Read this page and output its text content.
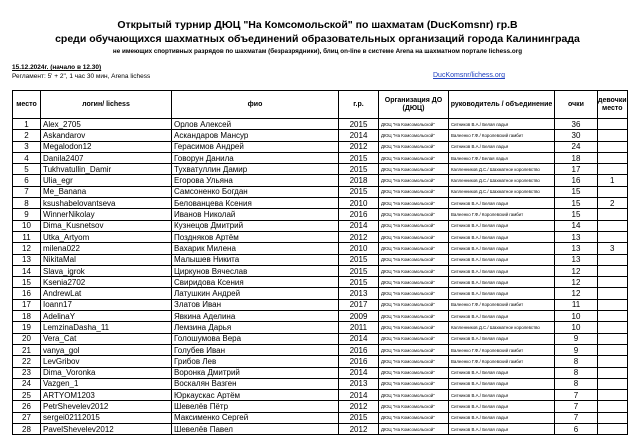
Открытый турнир ДЮЦ "На Комсомольской" по шахматам (DucKomsnr) гр.В
среди обучающихся шахматных объединений образовательных организаций города Калининграда
не имеющих спортивных разрядов по шахматам (безразрядники), блиц on-line в системе Arena на шахматном портале lichess.org
15.12.2024г. (начало в 12.30)
Регламент: 5' + 2", 1 час 30 мин, Arena lichess	DucKomsnr/lichess.org
место	логин/ lichess	фио	г.р.	Организация ДО (ДЮЦ)	руководитель / объединение	очки	девочки место
1	Alex_2705	Орлов Алексей	2015	ДЮЦ "На Комсомольской"	Ситников В.А./ Белая ладья	36	
2	Askandarov	Аскандаров Мансур	2014	ДЮЦ "На Комсомольской"	Валеенко Г.Ф./ Королевский гамбит	30	
3	Megalodon12	Герасимов Андрей	2012	ДЮЦ "На Комсомольской"	Ситников В.А./ Белая ладья	24	
4	Danila2407	Говорун Данила	2015	ДЮЦ "На Комсомольской"	Валеенко Г.Ф./ Белая ладья	18	
5	Tukhvatullin_Damir	Тухватуллин Дамир	2015	ДЮЦ "На Комсомольской"	Калленников Д.С./ Шахматное королевство	17	
6	Ulia_egr	Егорова Ульяна	2018	ДЮЦ "На Комсомольской"	Калленников Д.С./ Шахматное королевство	16	1
7	Me_Banana	Самсоненко Богдан	2015	ДЮЦ "На Комсомольской"	Калленников Д.С./ Шахматное королевство	15	
8	ksushabelovantseva	Белованцева Ксения	2010	ДЮЦ "На Комсомольской"	Ситников В.А./ Белая ладья	15	2
9	WinnerNikolay	Иванов Николай	2016	ДЮЦ "На Комсомольской"	Валеенко Г.Ф./ Королевский гамбит	15	
10	Dima_Kusnetsov	Кузнецов Дмитрий	2014	ДЮЦ "На Комсомольской"	Ситников В.А./ Белая ладья	14	
11	Utka_Artyom	Поздняков Артём	2012	ДЮЦ "На Комсомольской"	Ситников В.А./ Белая ладья	13	
12	milena022	Вахарик Милена	2010	ДЮЦ "На Комсомольской"	Ситников В.А./ Белая ладья	13	3
13	NikitaMal	Малышев Никита	2015	ДЮЦ "На Комсомольской"	Ситников В.А./ Белая ладья	13	
14	Slava_igrok	Циркунов Вячеслав	2015	ДЮЦ "На Комсомольской"	Ситников В.А./ Белая ладья	12	
15	Ksenia2702	Свиридова Ксения	2015	ДЮЦ "На Комсомольской"	Ситников В.А./ Белая ладья	12	
16	AndrewLat	Латушкин Андрей	2013	ДЮЦ "На Комсомольской"	Ситников В.А./ Белая ладья	12	
17	Ioann17	Златов Иван	2017	ДЮЦ "На Комсомольской"	Валеенко Г.Ф./ Королевский гамбит	11	
18	AdelinaY	Явкина Аделина	2009	ДЮЦ "На Комсомольской"	Ситников В.А./ Белая ладья	10	
19	LemzinaDasha_11	Лемзина Дарья	2011	ДЮЦ "На Комсомольской"	Калленников Д.С./ Шахматное королевство	10	
20	Vera_Cat	Голошумова Вера	2014	ДЮЦ "На Комсомольской"	Ситников В.А./ Белая ладья	9	
21	vanya_gol	Голубев Иван	2016	ДЮЦ "На Комсомольской"	Валеенко Г.Ф./ Королевский гамбит	9	
22	LevGribov	Грибов Лев	2016	ДЮЦ "На Комсомольской"	Валеенко Г.Ф./ Королевский гамбит	8	
23	Dima_Voronka	Воронка Дмитрий	2014	ДЮЦ "На Комсомольской"	Ситников В.А./ Белая ладья	8	
24	Vazgen_1	Воскалян Вазген	2013	ДЮЦ "На Комсомольской"	Ситников В.А./ Белая ладья	8	
25	ARTYOM1203	Юркаускас Артём	2014	ДЮЦ "На Комсомольской"	Ситников В.А./ Белая ладья	7	
26	PetrShevelev2012	Шевелёв Пётр	2012	ДЮЦ "На Комсомольской"	Ситников В.А./ Белая ладья	7	
27	sergei02112015	Максименко Сергей	2015	ДЮЦ "На Комсомольской"	Ситников В.А./ Белая ладья	7	
28	PavelShevelev2012	Шевелёв Павел	2012	ДЮЦ "На Комсомольской"	Ситников В.А./ Белая ладья	6	
